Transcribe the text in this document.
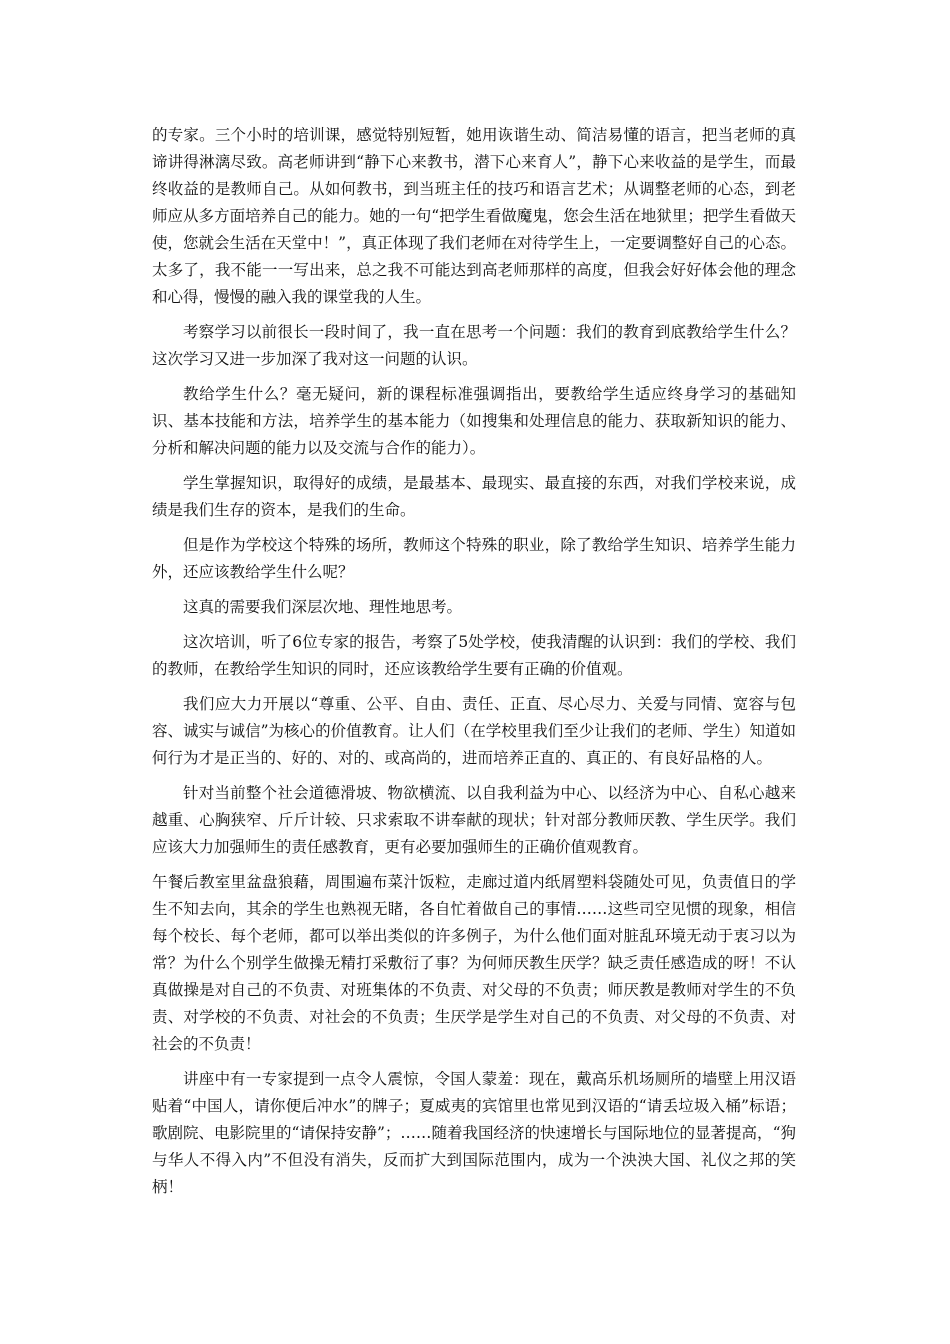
的专家。三个小时的培训课，感觉特别短暂，她用诙谐生动、简洁易懂的语言，把当老师的真谛讲得淋漓尽致。高老师讲到“静下心来教书，潜下心来育人”，静下心来收益的是学生，而最终收益的是教师自己。从如何教书，到当班主任的技巧和语言艺术；从调整老师的心态，到老师应从多方面培养自己的能力。她的一句“把学生看做魔鬼，您会生活在地狱里；把学生看做天使，您就会生活在天堂中！”，真正体现了我们老师在对待学生上，一定要调整好自己的心态。太多了，我不能一一写出来，总之我不可能达到高老师那样的高度，但我会好好体会他的理念和心得，慢慢的融入我的课堂我的人生。

考察学习以前很长一段时间了，我一直在思考一个问题：我们的教育到底教给学生什么？这次学习又进一步加深了我对这一问题的认识。

教给学生什么？毫无疑问，新的课程标准强调指出，要教给学生适应终身学习的基础知识、基本技能和方法，培养学生的基本能力（如搜集和处理信息的能力、获取新知识的能力、分析和解决问题的能力以及交流与合作的能力）。

学生掌握知识，取得好的成绩，是最基本、最现实、最直接的东西，对我们学校来说，成绩是我们生存的资本，是我们的生命。

但是作为学校这个特殊的场所，教师这个特殊的职业，除了教给学生知识、培养学生能力外，还应该教给学生什么呢？

这真的需要我们深层次地、理性地思考。

这次培训，听了6位专家的报告，考察了5处学校，使我清醒的认识到：我们的学校、我们的教师，在教给学生知识的同时，还应该教给学生要有正确的价值观。

我们应大力开展以“尊重、公平、自由、责任、正直、尽心尽力、关爱与同情、宽容与包容、诚实与诚信”为核心的价值教育。让人们（在学校里我们至少让我们的老师、学生）知道如何行为才是正当的、好的、对的、或高尚的，进而培养正直的、真正的、有良好品格的人。

针对当前整个社会道德滑坡、物欲横流、以自我利益为中心、以经济为中心、自私心越来越重、心胸狭窄、斤斤计较、只求索取不讲奉献的现状；针对部分教师厌教、学生厌学。我们应该大力加强师生的责任感教育，更有必要加强师生的正确价值观教育。

午餐后教室里盆盘狼藉，周围遍布菜汁饭粒，走廊过道内纸屑塑料袋随处可见，负责值日的学生不知去向，其余的学生也熟视无睹，各自忙着做自己的事情……这些司空见惯的现象，相信每个校长、每个老师，都可以举出类似的许多例子，为什么他们面对脏乱环境无动于衷习以为常？为什么个别学生做操无精打采敷衍了事？为何师厌教生厌学？缺乏责任感造成的呀！不认真做操是对自己的不负责、对班集体的不负责、对父母的不负责；师厌教是教师对学生的不负责、对学校的不负责、对社会的不负责；生厌学是学生对自己的不负责、对父母的不负责、对社会的不负责！

讲座中有一专家提到一点令人震惊，令国人蒙羞：现在，戴高乐机场厕所的墙壁上用汉语贴着“中国人，请你便后冲水”的牌子；夏威夷的宾馆里也常见到汉语的“请丢垃圾入桶”标语；歌剧院、电影院里的“请保持安静”；……随着我国经济的快速增长与国际地位的显著提高，“狗与华人不得入内”不但没有消失，反而扩大到国际范围内，成为一个泱泱大国、礼仪之邦的笑柄！
